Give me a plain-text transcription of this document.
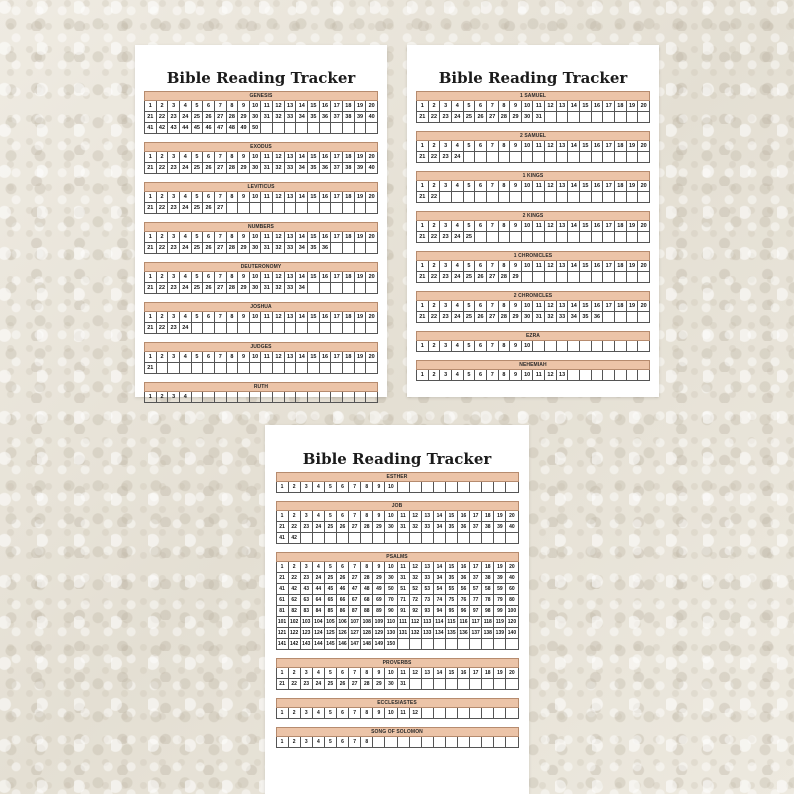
Bible Reading Tracker
GENESIS
1	2	3	4	5	6	7	8	9	10	11	12	13	14	15	16	17	18	19	20
21	22	23	24	25	26	27	28	29	30	31	32	33	34	35	36	37	38	39	40
41	42	43	44	45	46	47	48	49	50
EXODUS
1	2	3	4	5	6	7	8	9	10	11	12	13	14	15	16	17	18	19	20
21	22	23	24	25	26	27	28	29	30	31	32	33	34	35	36	37	38	39	40
LEVITICUS
1	2	3	4	5	6	7	8	9	10	11	12	13	14	15	16	17	18	19	20
21	22	23	24	25	26	27
NUMBERS
1	2	3	4	5	6	7	8	9	10	11	12	13	14	15	16	17	18	19	20
21	22	23	24	25	26	27	28	29	30	31	32	33	34	35	36
DEUTERONOMY
1	2	3	4	5	6	7	8	9	10	11	12	13	14	15	16	17	18	19	20
21	22	23	24	25	26	27	28	29	30	31	32	33	34
JOSHUA
1	2	3	4	5	6	7	8	9	10	11	12	13	14	15	16	17	18	19	20
21	22	23	24
JUDGES
1	2	3	4	5	6	7	8	9	10	11	12	13	14	15	16	17	18	19	20
21
RUTH
1	2	3	4
Bible Reading Tracker
1 SAMUEL
1	2	3	4	5	6	7	8	9	10	11	12	13	14	15	16	17	18	19	20
21	22	23	24	25	26	27	28	29	30	31
2 SAMUEL
1	2	3	4	5	6	7	8	9	10	11	12	13	14	15	16	17	18	19	20
21	22	23	24
1 KINGS
1	2	3	4	5	6	7	8	9	10	11	12	13	14	15	16	17	18	19	20
21	22
2 KINGS
1	2	3	4	5	6	7	8	9	10	11	12	13	14	15	16	17	18	19	20
21	22	23	24	25
1 CHRONICLES
1	2	3	4	5	6	7	8	9	10	11	12	13	14	15	16	17	18	19	20
21	22	23	24	25	26	27	28	29
2 CHRONICLES
1	2	3	4	5	6	7	8	9	10	11	12	13	14	15	16	17	18	19	20
21	22	23	24	25	26	27	28	29	30	31	32	33	34	35	36
EZRA
1	2	3	4	5	6	7	8	9	10
NEHEMIAH
1	2	3	4	5	6	7	8	9	10	11	12	13
Bible Reading Tracker
ESTHER
1	2	3	4	5	6	7	8	9	10
JOB
1	2	3	4	5	6	7	8	9	10	11	12	13	14	15	16	17	18	19	20
21	22	23	24	25	26	27	28	29	30	31	32	33	34	35	36	37	38	39	40
41	42
PSALMS
1	2	3	4	5	6	7	8	9	10	11	12	13	14	15	16	17	18	19	20
21	22	23	24	25	26	27	28	29	30	31	32	33	34	35	36	37	38	39	40
41	42	43	44	45	46	47	48	49	50	51	52	53	54	55	56	57	58	59	60
61	62	63	64	65	66	67	68	69	70	71	72	73	74	75	76	77	78	79	80
81	82	83	84	85	86	87	88	89	90	91	92	93	94	95	96	97	98	99	100
101 102 103 104 105 106 107 108 109 110 111 112 113 114 115 116 117 118 119 120
121 122 123 124 125 126 127 128 129 130 131 132 133 134 135 136 137 138 139 140
141 142 143 144 145 146 147 148 149 150
PROVERBS
1	2	3	4	5	6	7	8	9	10	11	12	13	14	15	16	17	18	19	20
21	22	23	24	25	26	27	28	29	30	31
ECCLESIASTES
1	2	3	4	5	6	7	8	9	10	11	12
SONG OF SOLOMON
1	2	3	4	5	6	7	8
